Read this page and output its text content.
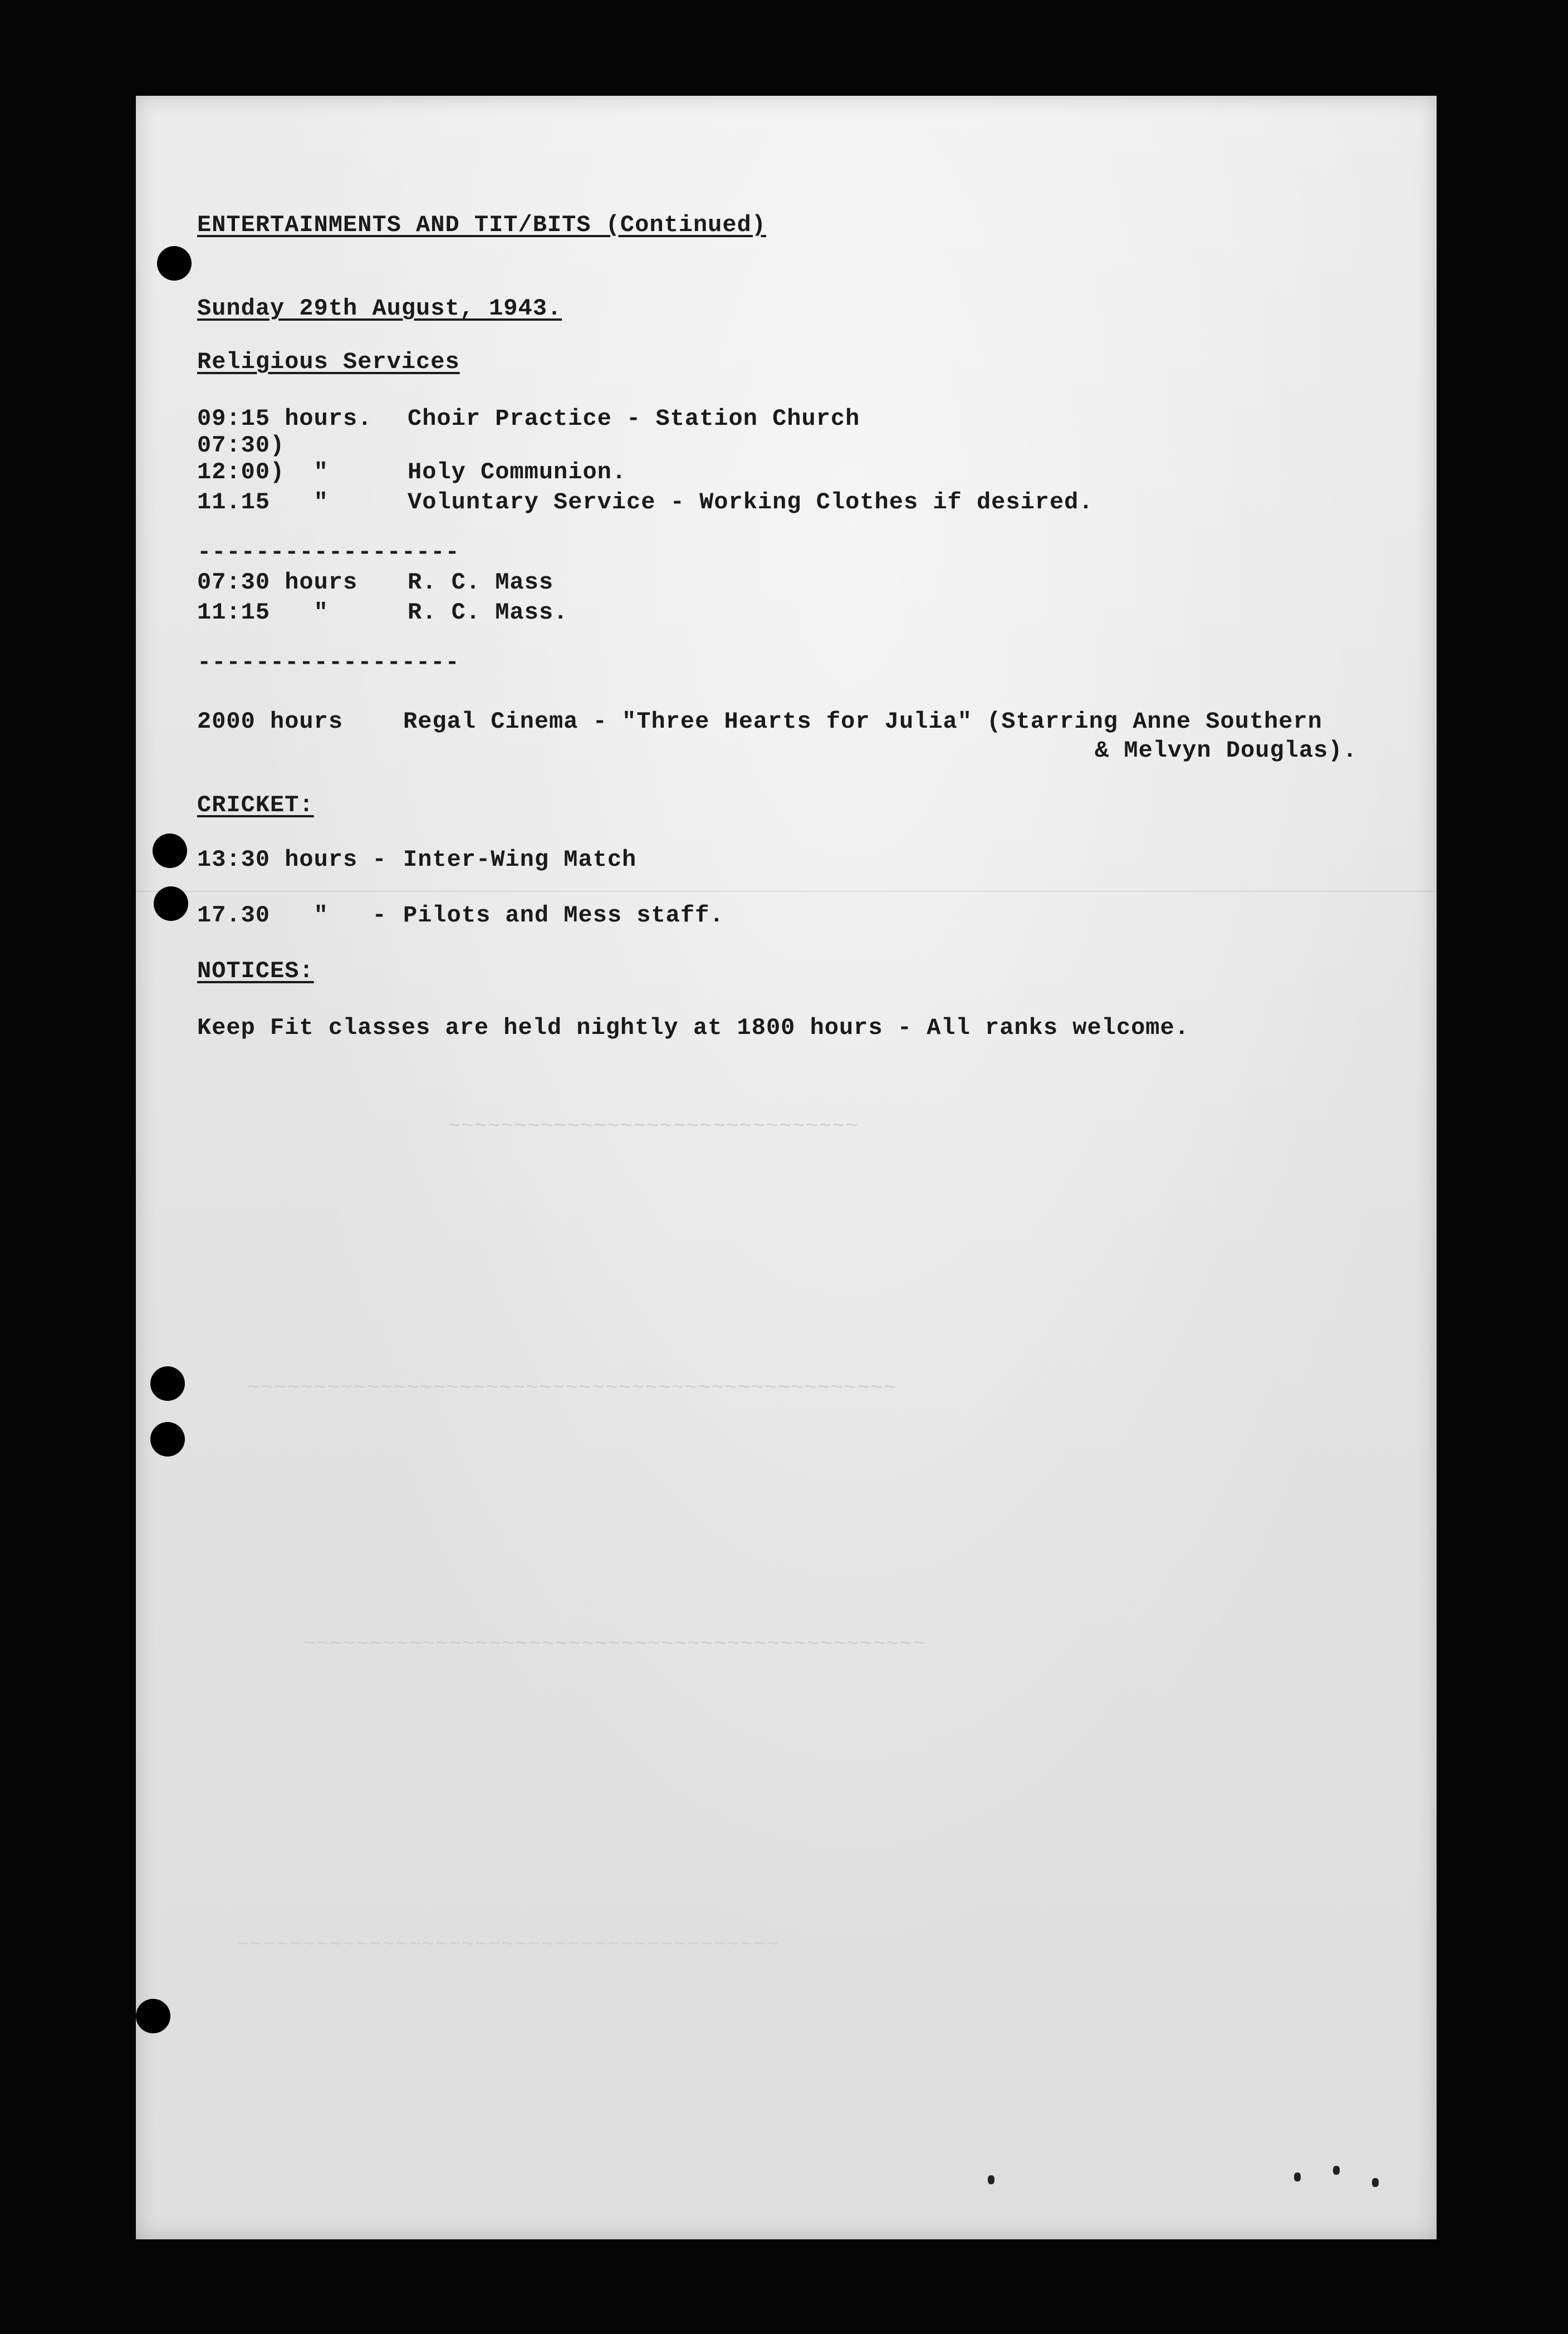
~~~~~~~~~~~~~~~~~~~~~~~~~~~~~~~
~~~~~~~~~~~~~~~~~~~~~~~~~~~~~~~~~~~~~~~~~~~~~~~~~
~~~~~~~~~~~~~~~~~~~~~~~~~~~~~~~~~~~~~~~~~~~~~~~
~~~~~~~~~~~~~~~~~~~~~~~~~~~~~~~~~~~~~~~~~
ENTERTAINMENTS AND TIT/BITS (Continued)
Sunday 29th August, 1943.
Religious Services
09:15 hours. Choir Practice - Station Church
07:30)
12:00)  "	Holy Communion.
11.15   "	Voluntary Service - Working Clothes if desired.
------------------
07:30 hours R. C. Mass
11:15   "	R. C. Mass.
------------------
2000 hours	Regal Cinema - "Three Hearts for Julia" (Starring Anne Southern
& Melvyn Douglas).
CRICKET:
13:30 hours - Inter-Wing Match
17.30   "   - Pilots and Mess staff.
NOTICES:
Keep Fit classes are held nightly at 1800 hours - All ranks welcome.
